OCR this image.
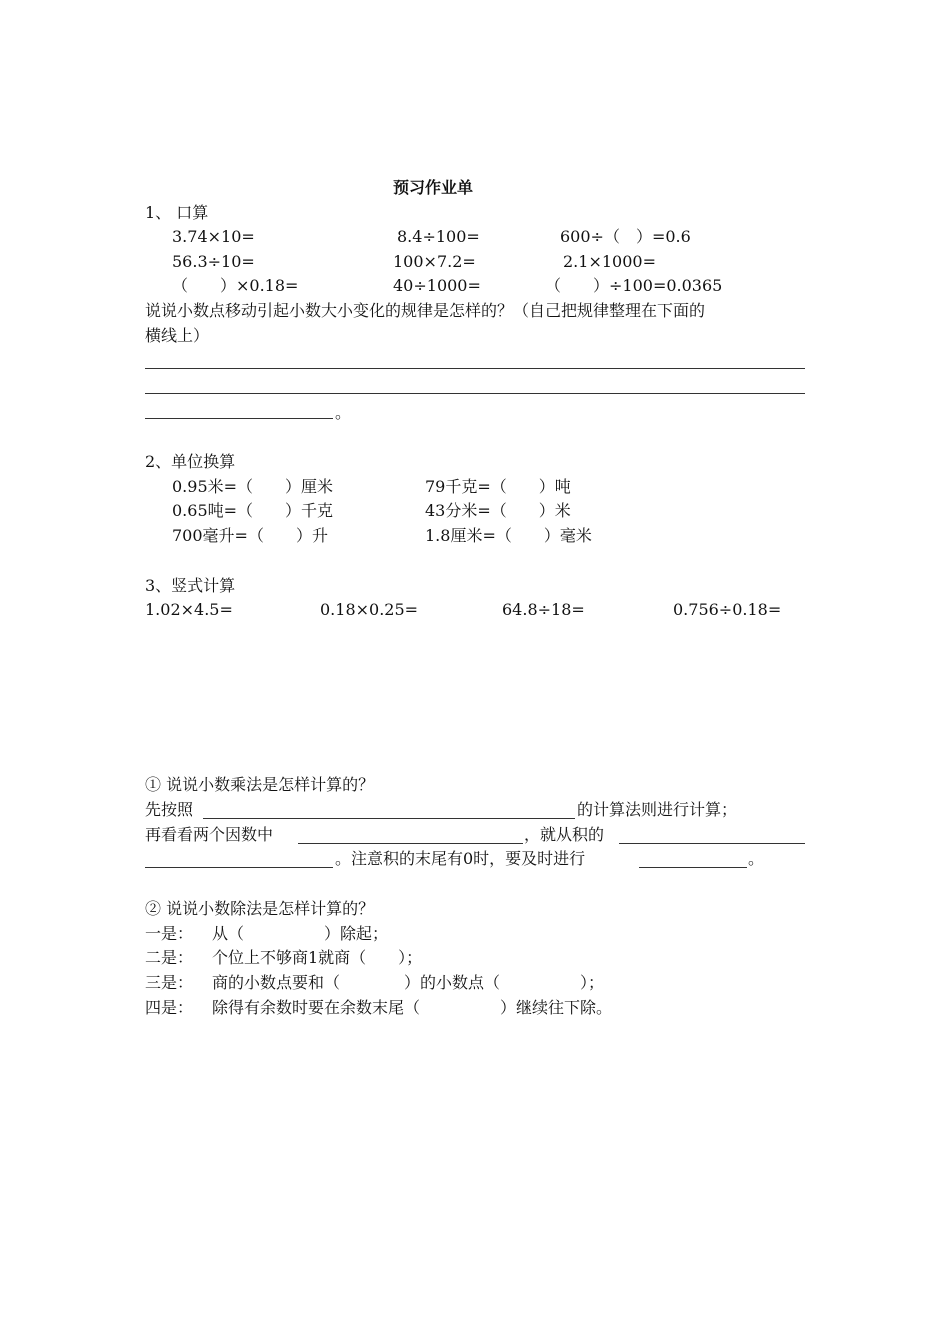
预习作业单
1、 口算
3.74×10=	8.4÷100=	600÷（　）=0.6
56.3÷10=	100×7.2=	2.1×1000=
（　　）×0.18=	40÷1000=	（　　）÷100=0.0365
说说小数点移动引起小数大小变化的规律是怎样的？（自己把规律整理在下面的
横线上）
。
2、单位换算
0.95米=（　　）厘米	79千克=（　　）吨
0.65吨=（　　）千克	43分米=（　　）米
700毫升=（　　）升	1.8厘米=（　　）毫米
3、竖式计算
1.02×4.5=	0.18×0.25=	64.8÷18=	0.756÷0.18=
① 说说小数乘法是怎样计算的？
先按照	的计算法则进行计算；
再看看两个因数中	，就从积的
。注意积的末尾有0时，要及时进行	。
② 说说小数除法是怎样计算的？
一是： 从（　　　　　）除起；
二是： 个位上不够商1就商（　　）；
三是： 商的小数点要和（　　　　）的小数点（　　　　　）；
四是： 除得有余数时要在余数末尾（　　　　　）继续往下除。
